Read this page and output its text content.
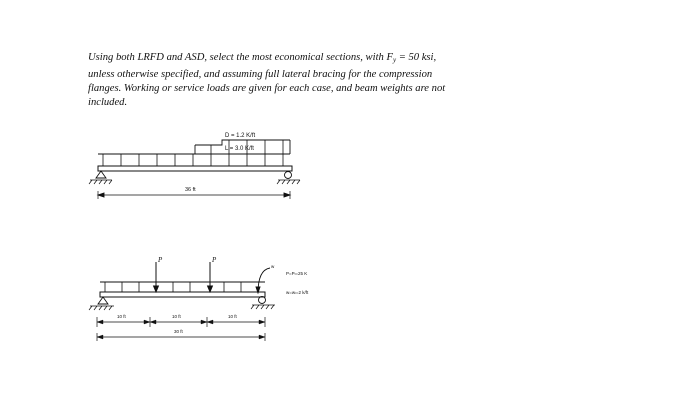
Using both LRFD and ASD, select the most economical sections, with $F_y = 50$ ksi,
unless otherwise specified, and assuming full lateral bracing for the compression
flanges. Working or service loads are given for each case, and beam weights are not
included.
D = 1.2 K/ft
L = 3.0 K/ft
36 ft
P	P
w
P=Pₗ=25 K
w=wₗ=2 k/ft
10 ft	10 ft	10 ft
30 ft
